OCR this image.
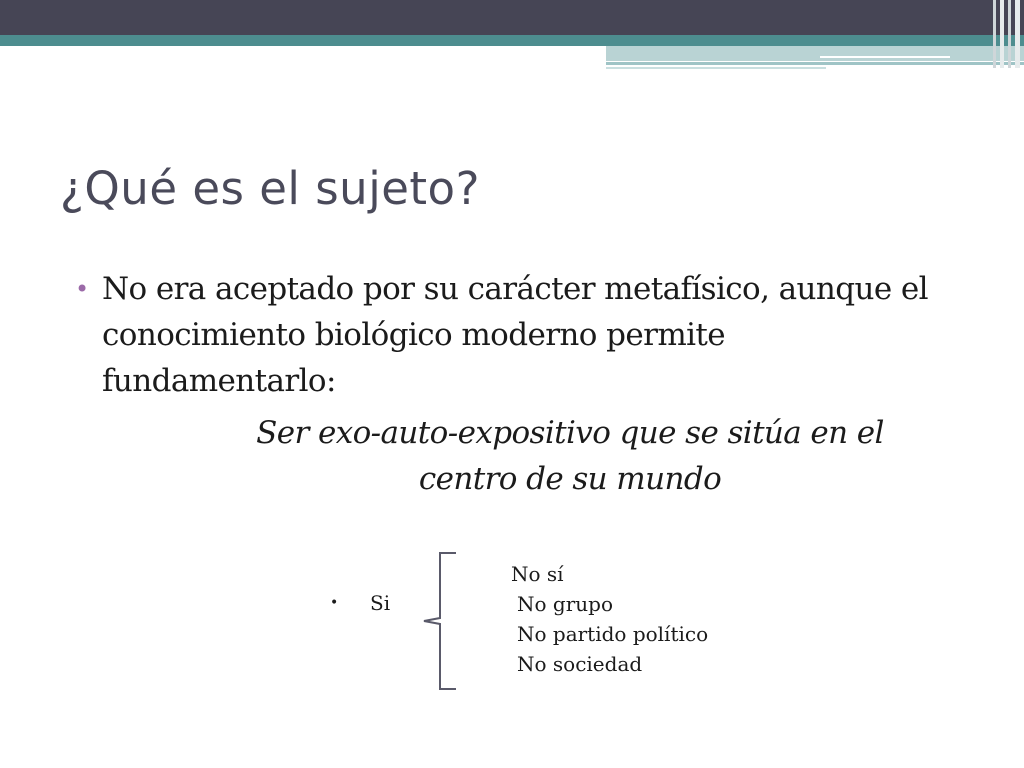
¿Qué es el sujeto?
• No era aceptado por su carácter metafísico, aunque el conocimiento biológico moderno permite fundamentarlo:
Ser exo-auto-expositivo que se sitúa en el
centro de su mundo
• Si
No sí
No grupo
No partido político
No sociedad
